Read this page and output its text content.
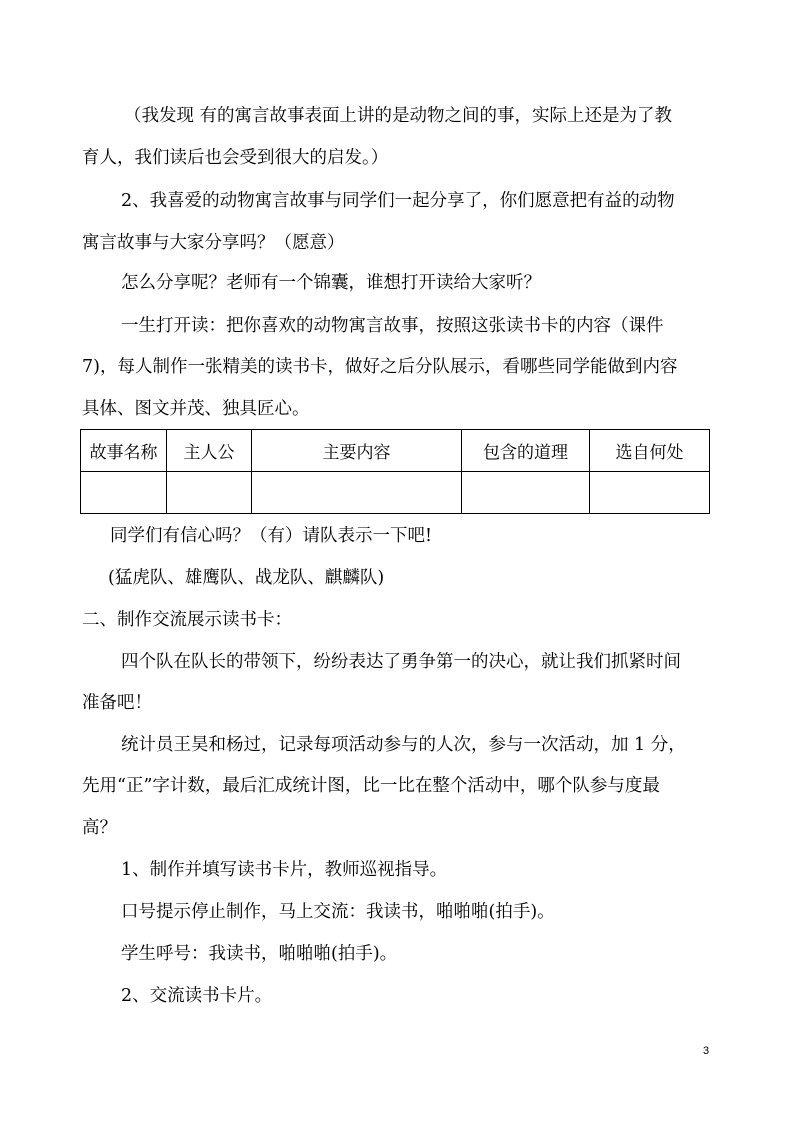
（我发现 有的寓言故事表面上讲的是动物之间的事，实际上还是为了教
育人，我们读后也会受到很大的启发。）
2、我喜爱的动物寓言故事与同学们一起分享了，你们愿意把有益的动物
寓言故事与大家分享吗？（愿意）
怎么分享呢？老师有一个锦囊，谁想打开读给大家听？
一生打开读：把你喜欢的动物寓言故事，按照这张读书卡的内容（课件
7)，每人制作一张精美的读书卡，做好之后分队展示，看哪些同学能做到内容
具体、图文并茂、独具匠心。
故事名称	主人公	主要内容	包含的道理	选自何处

同学们有信心吗？（有）请队表示一下吧!
(猛虎队、雄鹰队、战龙队、麒麟队)
二、制作交流展示读书卡：
四个队在队长的带领下，纷纷表达了勇争第一的决心，就让我们抓紧时间
准备吧！
统计员王昊和杨过，记录每项活动参与的人次，参与一次活动，加 1 分，
先用“正”字计数，最后汇成统计图，比一比在整个活动中，哪个队参与度最
高？
1、制作并填写读书卡片，教师巡视指导。
口号提示停止制作，马上交流：我读书，啪啪啪(拍手)。
学生呼号：我读书，啪啪啪(拍手)。
2、交流读书卡片。
3
